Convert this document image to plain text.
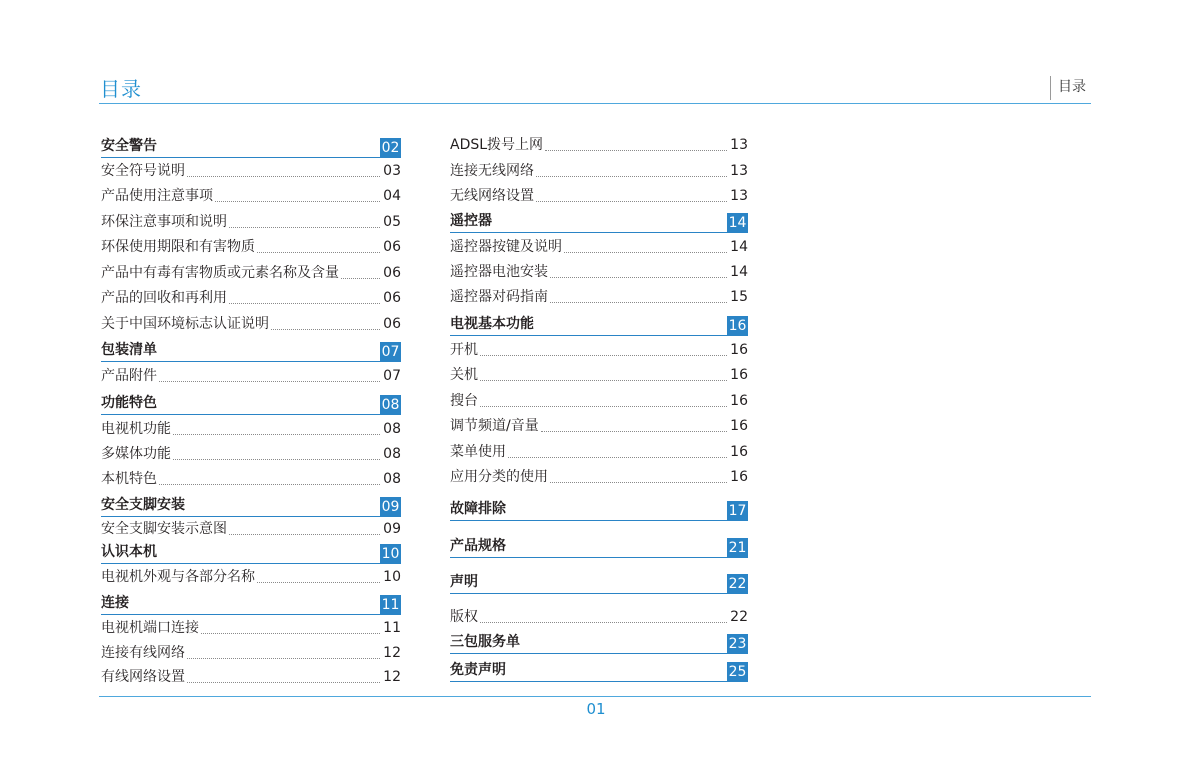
目录	目录
安全警告	02
安全符号说明	03
产品使用注意事项	04
环保注意事项和说明	05
环保使用期限和有害物质	06
产品中有毒有害物质或元素名称及含量	06
产品的回收和再利用	06
关于中国环境标志认证说明	06
包装清单	07
产品附件	07
功能特色	08
电视机功能	08
多媒体功能	08
本机特色	08
安全支脚安装	09
安全支脚安装示意图	09
认识本机	10
电视机外观与各部分名称	10
连接	11
电视机端口连接	11
连接有线网络	12
有线网络设置	12
ADSL拨号上网	13
连接无线网络	13
无线网络设置	13
遥控器	14
遥控器按键及说明	14
遥控器电池安装	14
遥控器对码指南	15
电视基本功能	16
开机	16
关机	16
搜台	16
调节频道/音量	16
菜单使用	16
应用分类的使用	16
故障排除	17
产品规格	21
声明	22
版权	22
三包服务单	23
免责声明	25
01
